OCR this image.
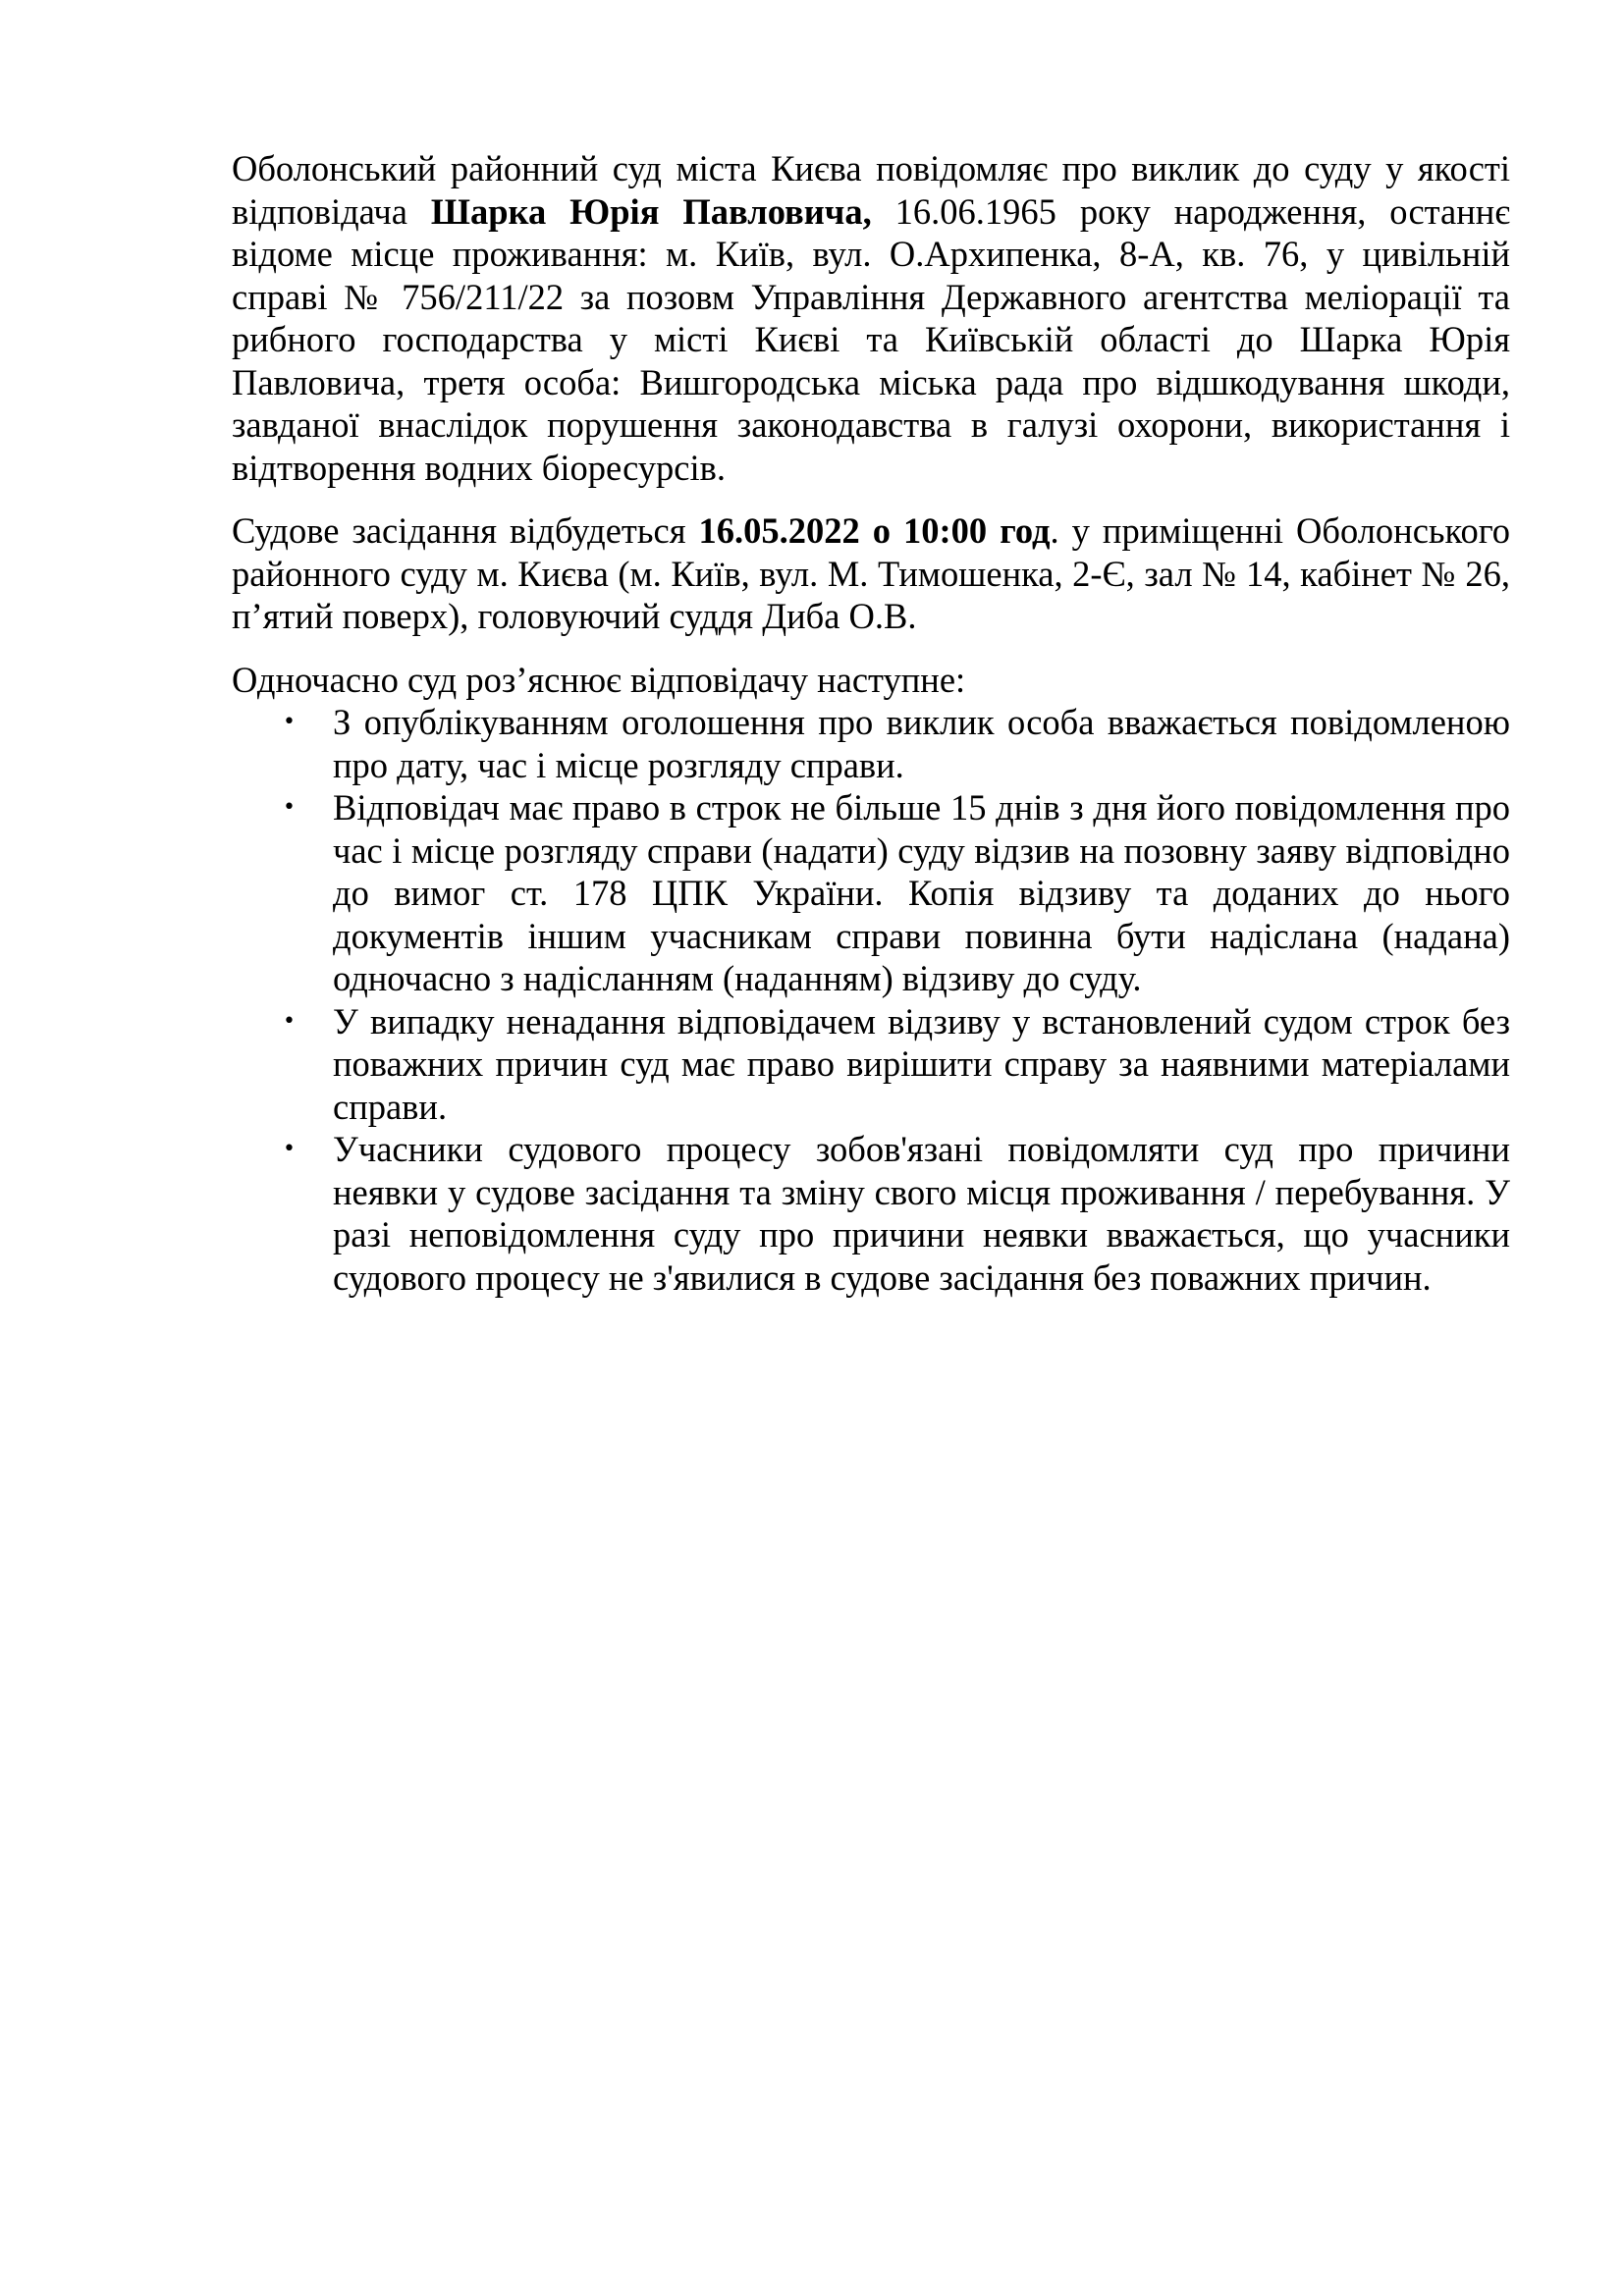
Оболонський районний суд міста Києва повідомляє про виклик до суду у якості відповідача Шарка Юрія Павловича, 16.06.1965 року народження, останнє відоме місце проживання: м. Київ, вул. О.Архипенка, 8-А, кв. 76, у цивільній справі № 756/211/22 за позовм Управління Державного агентства меліорації та рибного господарства у місті Києві та Київській області до Шарка Юрія Павловича, третя особа: Вишгородська міська рада про відшкодування шкоди, завданої внаслідок порушення законодавства в галузі охорони, використання і відтворення водних біоресурсів.

Судове засідання відбудеться 16.05.2022 о 10:00 год. у приміщенні Оболонського районного суду м. Києва (м. Київ, вул. М. Тимошенка, 2-Є, зал № 14, кабінет № 26, п’ятий поверх), головуючий суддя Диба О.В.

Одночасно суд роз’яснює відповідачу наступне:

• З опублікуванням оголошення про виклик особа вважається повідомленою про дату, час і місце розгляду справи.
• Відповідач має право в строк не більше 15 днів з дня його повідомлення про час і місце розгляду справи (надати) суду відзив на позовну заяву відповідно до вимог ст. 178 ЦПК України. Копія відзиву та доданих до нього документів іншим учасникам справи повинна бути надіслана (надана) одночасно з надісланням (наданням) відзиву до суду.
• У випадку ненадання відповідачем відзиву у встановлений судом строк без поважних причин суд має право вирішити справу за наявними матеріалами справи.
• Учасники судового процесу зобов'язані повідомляти суд про причини неявки у судове засідання та зміну свого місця проживання / перебування. У разі неповідомлення суду про причини неявки вважається, що учасники судового процесу не з'явилися в судове засідання без поважних причин.
